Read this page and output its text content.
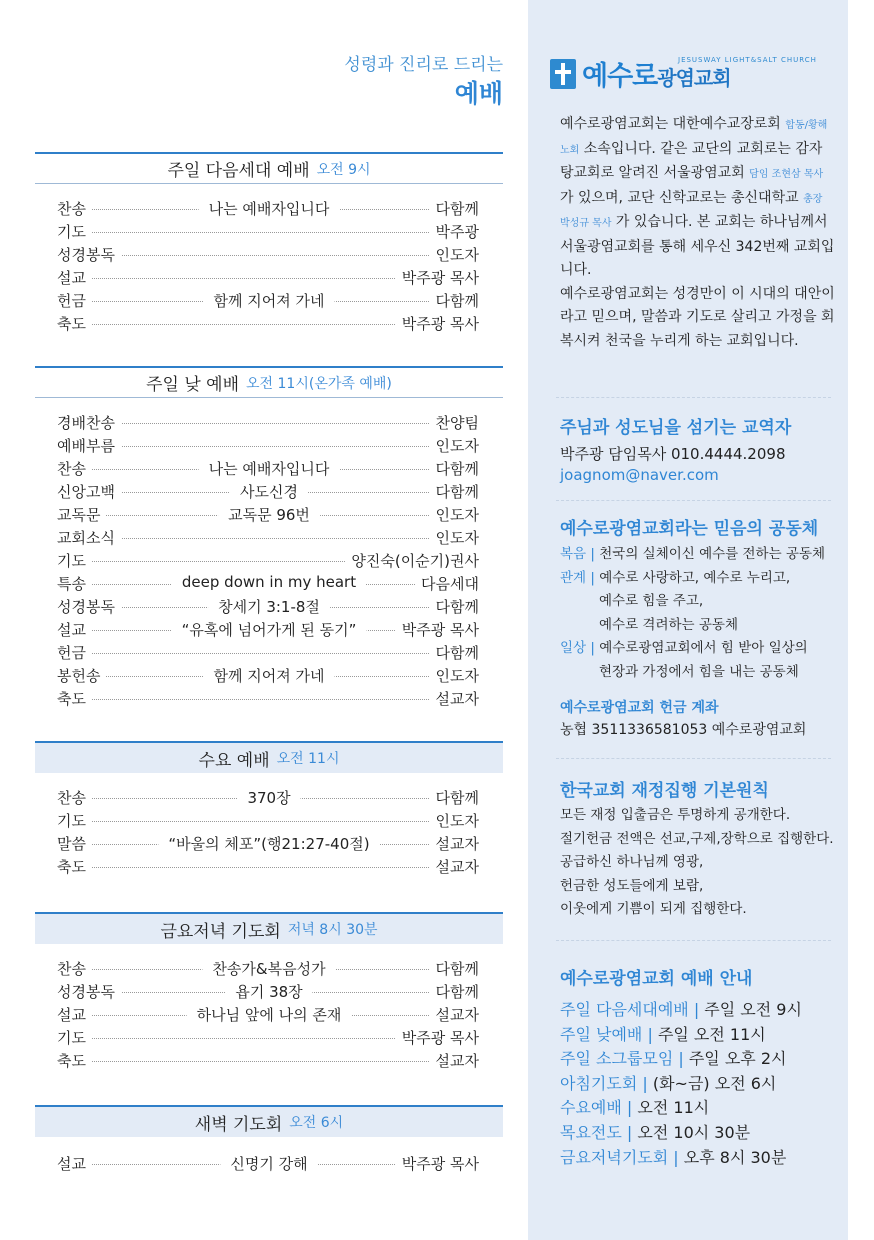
성령과 진리로 드리는
예배
주일 다음세대 예배 오전 9시
찬송	나는 예배자입니다	다함께
기도	박주광
성경봉독	인도자
설교	박주광 목사
헌금	함께 지어져 가네	다함께
축도	박주광 목사
주일 낮 예배 오전 11시(온가족 예배)
경배찬송	찬양팀
예배부름	인도자
찬송	나는 예배자입니다	다함께
신앙고백	사도신경	다함께
교독문	교독문 96번	인도자
교회소식	인도자
기도	양진숙(이순기)권사
특송	deep down in my heart	다음세대
성경봉독	창세기 3:1-8절	다함께
설교	“유혹에 넘어가게 된 동기”	박주광 목사
헌금	다함께
봉헌송	함께 지어져 가네	인도자
축도	설교자
수요 예배 오전 11시
찬송	370장	다함께
기도	인도자
말씀	“바울의 체포”(행21:27-40절)	설교자
축도	설교자
금요저녁 기도회 저녁 8시 30분
찬송	찬송가&복음성가	다함께
성경봉독	욥기 38장	다함께
설교	하나님 앞에 나의 존재	설교자
기도	박주광 목사
축도	설교자
새벽 기도회 오전 6시
설교	신명기 강해	박주광 목사
예수로광염교회
JESUSWAY LIGHT&SALT CHURCH
예수로광염교회는 대한예수교장로회 합동/황해노회 소속입니다. 같은 교단의 교회로는 감자탕교회로 알려진 서울광염교회 담임 조현삼 목사 가 있으며, 교단 신학교로는 총신대학교 총장 박성규 목사 가 있습니다. 본 교회는 하나님께서 서울광염교회를 통해 세우신 342번째 교회입니다.
예수로광염교회는 성경만이 이 시대의 대안이라고 믿으며, 말씀과 기도로 살리고 가정을 회복시켜 천국을 누리게 하는 교회입니다.
주님과 성도님을 섬기는 교역자
박주광 담임목사 010.4444.2098
joagnom@naver.com
예수로광염교회라는 믿음의 공동체
복음 | 천국의 실체이신 예수를 전하는 공동체
관계 | 예수로 사랑하고, 예수로 누리고,
예수로 힘을 주고,
예수로 격려하는 공동체
일상 | 예수로광염교회에서 힘 받아 일상의
현장과 가정에서 힘을 내는 공동체
예수로광염교회 헌금 계좌
농협 3511336581053 예수로광염교회
한국교회 재정집행 기본원칙
모든 재정 입출금은 투명하게 공개한다.
절기헌금 전액은 선교,구제,장학으로 집행한다.
공급하신 하나님께 영광,
헌금한 성도들에게 보람,
이웃에게 기쁨이 되게 집행한다.
예수로광염교회 예배 안내
주일 다음세대예배 | 주일 오전 9시
주일 낮예배 | 주일 오전 11시
주일 소그룹모임 | 주일 오후 2시
아침기도회 | (화~금) 오전 6시
수요예배 | 오전 11시
목요전도 | 오전 10시 30분
금요저녁기도회 | 오후 8시 30분
